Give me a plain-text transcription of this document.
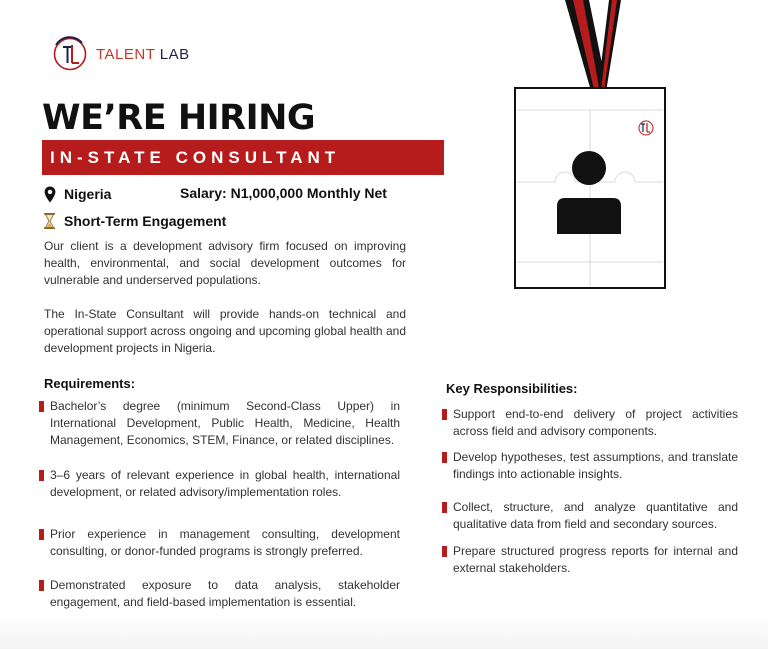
TALENT LAB
WE’RE HIRING
IN-STATE CONSULTANT
Nigeria	Salary: N1,000,000 Monthly Net
Short-Term Engagement

Our client is a development advisory firm focused on improving health, environmental, and social development outcomes for vulnerable and underserved populations.

The In-State Consultant will provide hands-on technical and operational support across ongoing and upcoming global health and development projects in Nigeria.

Requirements:
Bachelor’s degree (minimum Second-Class Upper) in International Development, Public Health, Medicine, Health Management, Economics, STEM, Finance, or related disciplines.
3–6 years of relevant experience in global health, international development, or related advisory/implementation roles.
Prior experience in management consulting, development consulting, or donor-funded programs is strongly preferred.
Demonstrated exposure to data analysis, stakeholder engagement, and field-based implementation is essential.
Key Responsibilities:
Support end-to-end delivery of project activities across field and advisory components.
Develop hypotheses, test assumptions, and translate findings into actionable insights.
Collect, structure, and analyze quantitative and qualitative data from field and secondary sources.
Prepare structured progress reports for internal and external stakeholders.
